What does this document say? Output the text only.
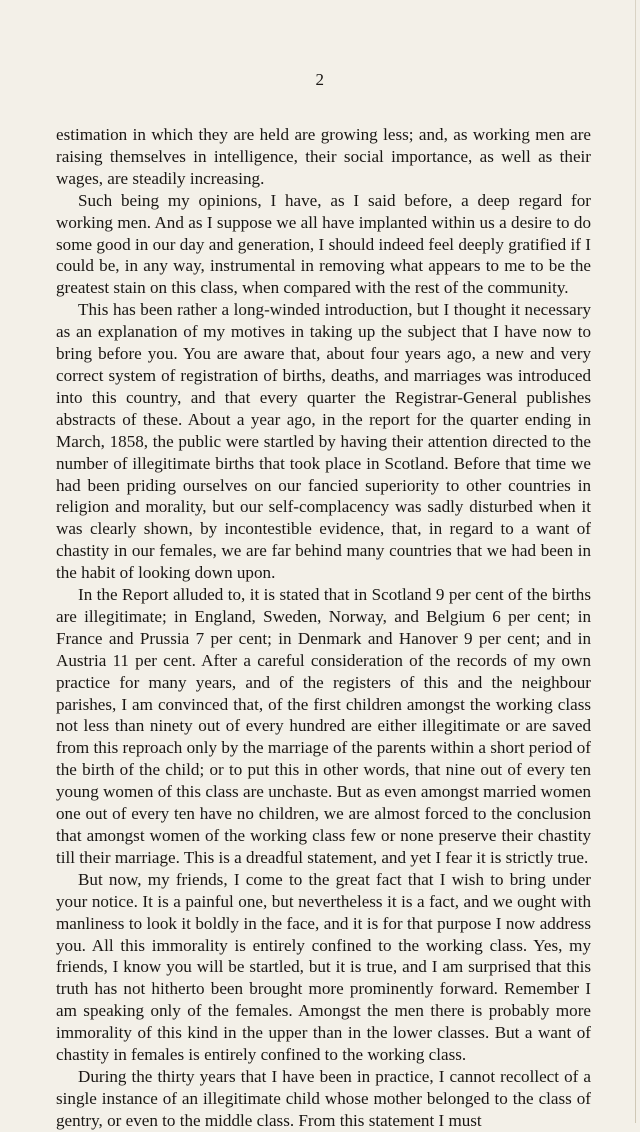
2

estimation in which they are held are growing less; and, as working men are raising themselves in intelligence, their social importance, as well as their wages, are steadily increasing.

Such being my opinions, I have, as I said before, a deep regard for working men. And as I suppose we all have implanted within us a desire to do some good in our day and generation, I should indeed feel deeply gratified if I could be, in any way, instrumental in removing what appears to me to be the greatest stain on this class, when compared with the rest of the community.

This has been rather a long-winded introduction, but I thought it necessary as an explanation of my motives in taking up the subject that I have now to bring before you. You are aware that, about four years ago, a new and very correct system of registration of births, deaths, and marriages was introduced into this country, and that every quarter the Registrar-General publishes abstracts of these. About a year ago, in the report for the quarter ending in March, 1858, the public were startled by having their attention directed to the number of illegitimate births that took place in Scotland. Before that time we had been priding ourselves on our fancied superiority to other countries in religion and morality, but our self-complacency was sadly disturbed when it was clearly shown, by incontestible evidence, that, in regard to a want of chastity in our females, we are far behind many countries that we had been in the habit of looking down upon.

In the Report alluded to, it is stated that in Scotland 9 per cent of the births are illegitimate; in England, Sweden, Norway, and Belgium 6 per cent; in France and Prussia 7 per cent; in Denmark and Hanover 9 per cent; and in Austria 11 per cent. After a careful consideration of the records of my own practice for many years, and of the registers of this and the neighbour parishes, I am convinced that, of the first children amongst the working class not less than ninety out of every hundred are either illegitimate or are saved from this reproach only by the marriage of the parents within a short period of the birth of the child; or to put this in other words, that nine out of every ten young women of this class are unchaste. But as even amongst married women one out of every ten have no children, we are almost forced to the conclusion that amongst women of the working class few or none preserve their chastity till their marriage. This is a dreadful statement, and yet I fear it is strictly true.

But now, my friends, I come to the great fact that I wish to bring under your notice. It is a painful one, but nevertheless it is a fact, and we ought with manliness to look it boldly in the face, and it is for that purpose I now address you. All this immorality is entirely confined to the working class. Yes, my friends, I know you will be startled, but it is true, and I am surprised that this truth has not hitherto been brought more prominently forward. Remember I am speaking only of the females. Amongst the men there is probably more immorality of this kind in the upper than in the lower classes. But a want of chastity in females is entirely confined to the working class.

During the thirty years that I have been in practice, I cannot recollect of a single instance of an illegitimate child whose mother belonged to the class of gentry, or even to the middle class. From this statement I must
